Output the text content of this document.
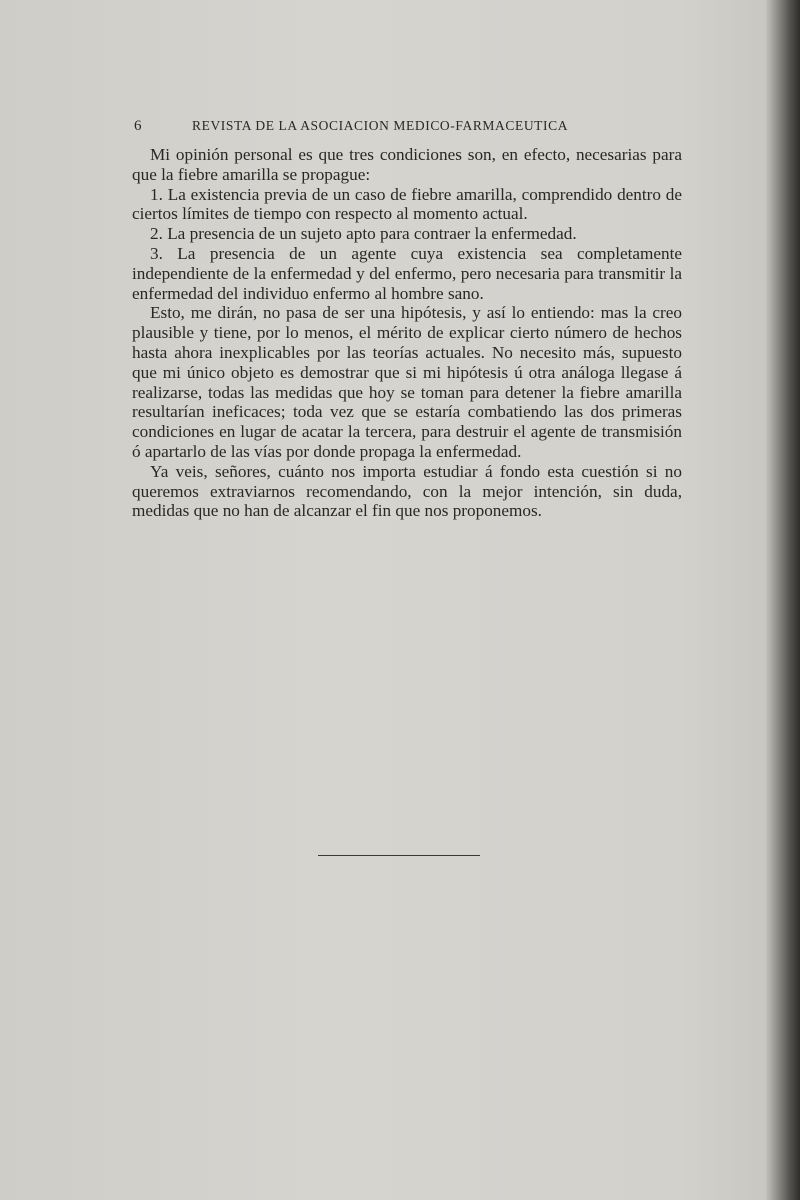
6	REVISTA DE LA ASOCIACION MEDICO-FARMACEUTICA

Mi opinión personal es que tres condiciones son, en efecto, necesarias para que la fiebre amarilla se propague:

1. La existencia previa de un caso de fiebre amarilla, comprendido dentro de ciertos límites de tiempo con respecto al momento actual.

2. La presencia de un sujeto apto para contraer la enfermedad.

3. La presencia de un agente cuya existencia sea completamente independiente de la enfermedad y del enfermo, pero necesaria para transmitir la enfermedad del individuo enfermo al hombre sano.

Esto, me dirán, no pasa de ser una hipótesis, y así lo entiendo: mas la creo plausible y tiene, por lo menos, el mérito de explicar cierto número de hechos hasta ahora inexplicables por las teorías actuales. No necesito más, supuesto que mi único objeto es demostrar que si mi hipótesis ú otra análoga llegase á realizarse, todas las medidas que hoy se toman para detener la fiebre amarilla resultarían ineficaces; toda vez que se estaría combatiendo las dos primeras condiciones en lugar de acatar la tercera, para destruir el agente de transmisión ó apartarlo de las vías por donde propaga la enfermedad.

Ya veis, señores, cuánto nos importa estudiar á fondo esta cuestión si no queremos extraviarnos recomendando, con la mejor intención, sin duda, medidas que no han de alcanzar el fin que nos proponemos.
